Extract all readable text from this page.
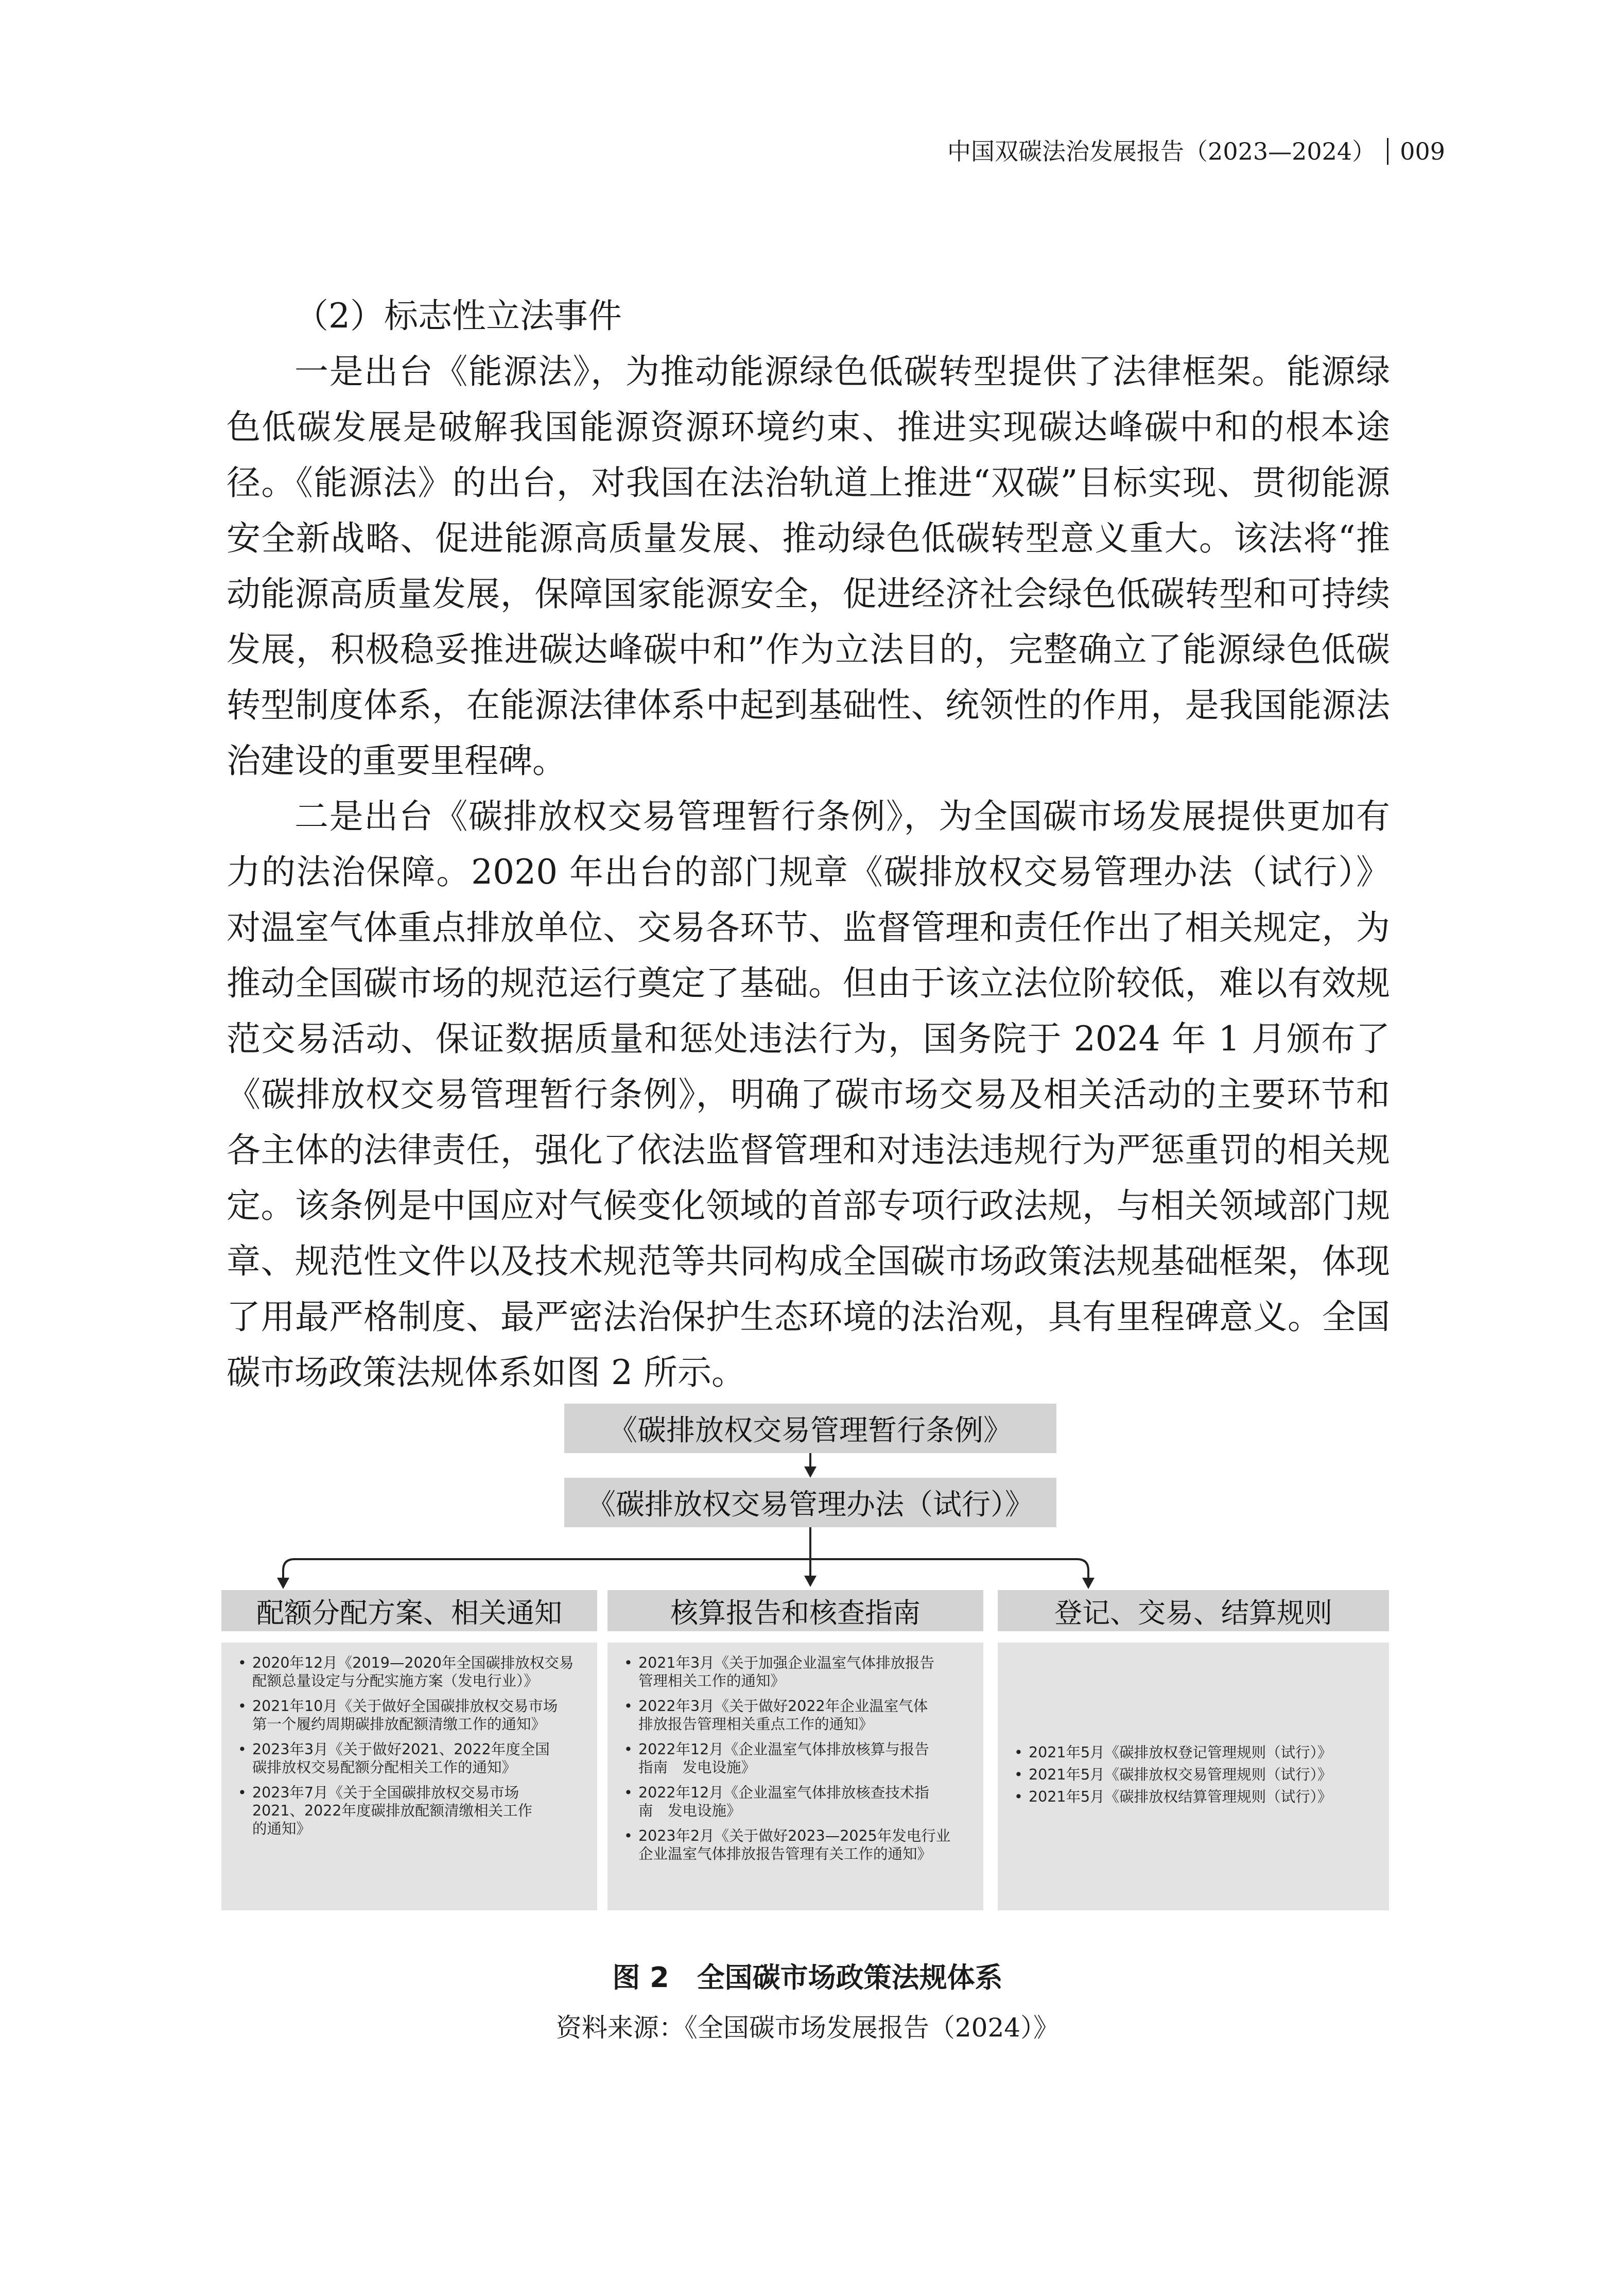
中国双碳法治发展报告（2023—2024） 009

（2）标志性立法事件

一是出台《能源法》，为推动能源绿色低碳转型提供了法律框架。能源绿色低碳发展是破解我国能源资源环境约束、推进实现碳达峰碳中和的根本途径。《能源法》的出台，对我国在法治轨道上推进“双碳”目标实现、贯彻能源安全新战略、促进能源高质量发展、推动绿色低碳转型意义重大。该法将“推动能源高质量发展，保障国家能源安全，促进经济社会绿色低碳转型和可持续发展，积极稳妥推进碳达峰碳中和”作为立法目的，完整确立了能源绿色低碳转型制度体系，在能源法律体系中起到基础性、统领性的作用，是我国能源法治建设的重要里程碑。

二是出台《碳排放权交易管理暂行条例》，为全国碳市场发展提供更加有力的法治保障。2020 年出台的部门规章《碳排放权交易管理办法（试行）》对温室气体重点排放单位、交易各环节、监督管理和责任作出了相关规定，为推动全国碳市场的规范运行奠定了基础。但由于该立法位阶较低，难以有效规范交易活动、保证数据质量和惩处违法行为，国务院于 2024 年 1 月颁布了《碳排放权交易管理暂行条例》，明确了碳市场交易及相关活动的主要环节和各主体的法律责任，强化了依法监督管理和对违法违规行为严惩重罚的相关规定。该条例是中国应对气候变化领域的首部专项行政法规，与相关领域部门规章、规范性文件以及技术规范等共同构成全国碳市场政策法规基础框架，体现了用最严格制度、最严密法治保护生态环境的法治观，具有里程碑意义。全国碳市场政策法规体系如图 2 所示。

《碳排放权交易管理暂行条例》
《碳排放权交易管理办法（试行）》
配额分配方案、相关通知	核算报告和核查指南	登记、交易、结算规则
• 2020年12月《2019—2020年全国碳排放权交易
配额总量设定与分配实施方案（发电行业）》
• 2021年10月《关于做好全国碳排放权交易市场
第一个履约周期碳排放配额清缴工作的通知》
• 2023年3月《关于做好2021、2022年度全国
碳排放权交易配额分配相关工作的通知》
• 2023年7月《关于全国碳排放权交易市场
2021、2022年度碳排放配额清缴相关工作
的通知》
• 2021年3月《关于加强企业温室气体排放报告
管理相关工作的通知》
• 2022年3月《关于做好2022年企业温室气体
排放报告管理相关重点工作的通知》
• 2022年12月《企业温室气体排放核算与报告
指南　发电设施》
• 2022年12月《企业温室气体排放核查技术指
南　发电设施》
• 2023年2月《关于做好2023—2025年发电行业
企业温室气体排放报告管理有关工作的通知》
• 2021年5月《碳排放权登记管理规则（试行）》
• 2021年5月《碳排放权交易管理规则（试行）》
• 2021年5月《碳排放权结算管理规则（试行）》
图 2　全国碳市场政策法规体系
资料来源：《全国碳市场发展报告（2024）》
